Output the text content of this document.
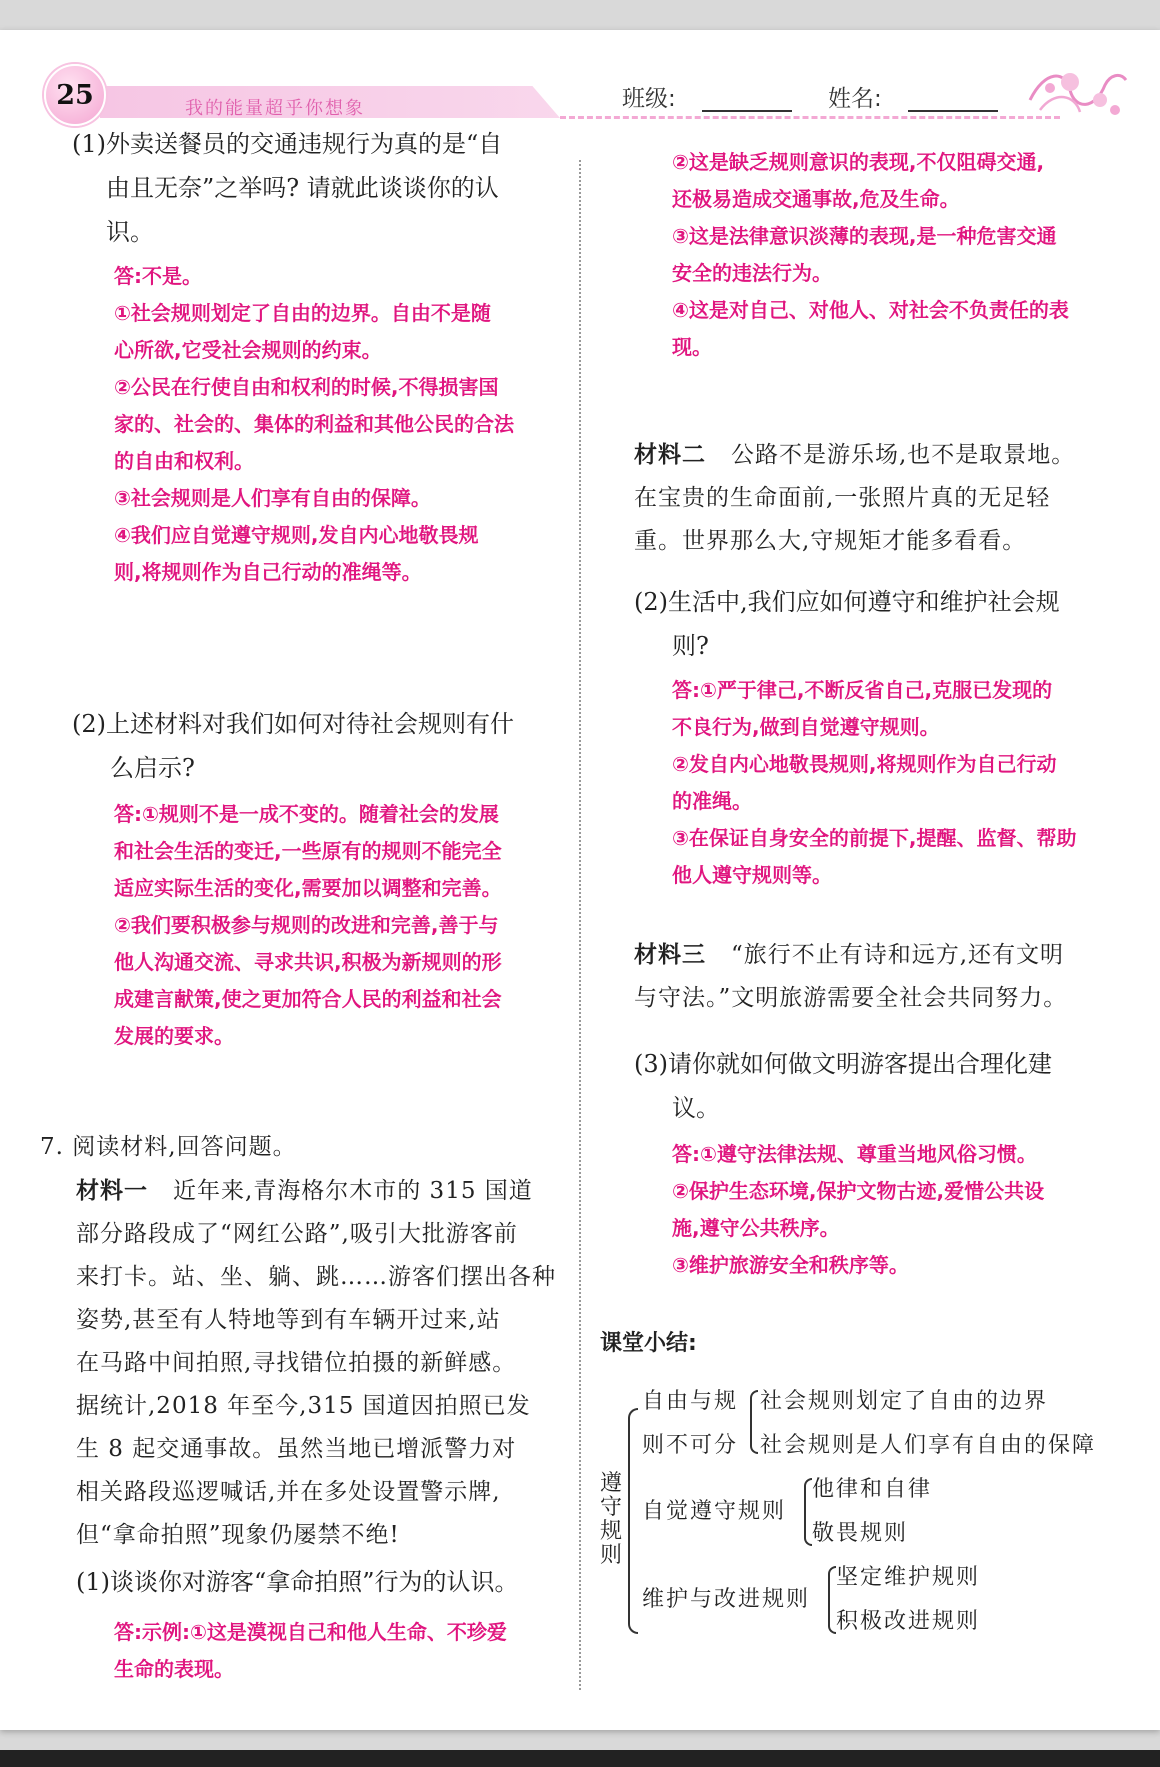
25	我的能量超乎你想象	班级:	姓名:

(1)外卖送餐员的交通违规行为真的是“自

由且无奈”之举吗? 请就此谈谈你的认

识。

答:不是。

①社会规则划定了自由的边界。自由不是随

心所欲,它受社会规则的约束。

②公民在行使自由和权利的时候,不得损害国

家的、社会的、集体的利益和其他公民的合法

的自由和权利。

③社会规则是人们享有自由的保障。

④我们应自觉遵守规则,发自内心地敬畏规

则,将规则作为自己行动的准绳等。

(2)上述材料对我们如何对待社会规则有什

么启示?

答:①规则不是一成不变的。随着社会的发展

和社会生活的变迁,一些原有的规则不能完全

适应实际生活的变化,需要加以调整和完善。

②我们要积极参与规则的改进和完善,善于与

他人沟通交流、寻求共识,积极为新规则的形

成建言献策,使之更加符合人民的利益和社会

发展的要求。

7. 阅读材料,回答问题。

材料一 近年来,青海格尔木市的 315 国道

部分路段成了“网红公路”,吸引大批游客前

来打卡。站、坐、躺、跳……游客们摆出各种

姿势,甚至有人特地等到有车辆开过来,站

在马路中间拍照,寻找错位拍摄的新鲜感。

据统计,2018 年至今,315 国道因拍照已发

生 8 起交通事故。虽然当地已增派警力对

相关路段巡逻喊话,并在多处设置警示牌,

但“拿命拍照”现象仍屡禁不绝!

(1)谈谈你对游客“拿命拍照”行为的认识。

答:示例:①这是漠视自己和他人生命、不珍爱

生命的表现。

②这是缺乏规则意识的表现,不仅阻碍交通,

还极易造成交通事故,危及生命。

③这是法律意识淡薄的表现,是一种危害交通

安全的违法行为。

④这是对自己、对他人、对社会不负责任的表

现。

材料二 公路不是游乐场,也不是取景地。

在宝贵的生命面前,一张照片真的无足轻

重。世界那么大,守规矩才能多看看。

(2)生活中,我们应如何遵守和维护社会规

则?

答:①严于律己,不断反省自己,克服已发现的

不良行为,做到自觉遵守规则。

②发自内心地敬畏规则,将规则作为自己行动

的准绳。

③在保证自身安全的前提下,提醒、监督、帮助

他人遵守规则等。

材料三 “旅行不止有诗和远方,还有文明

与守法。”文明旅游需要全社会共同努力。

(3)请你就如何做文明游客提出合理化建

议。

答:①遵守法律法规、尊重当地风俗习惯。

②保护生态环境,保护文物古迹,爱惜公共设

施,遵守公共秩序。

③维护旅游安全和秩序等。

课堂小结:
遵
守
规
则
自由与规
则不可分
社会规则划定了自由的边界
社会规则是人们享有自由的保障
自觉遵守规则
他律和自律
敬畏规则
维护与改进规则
坚定维护规则
积极改进规则
